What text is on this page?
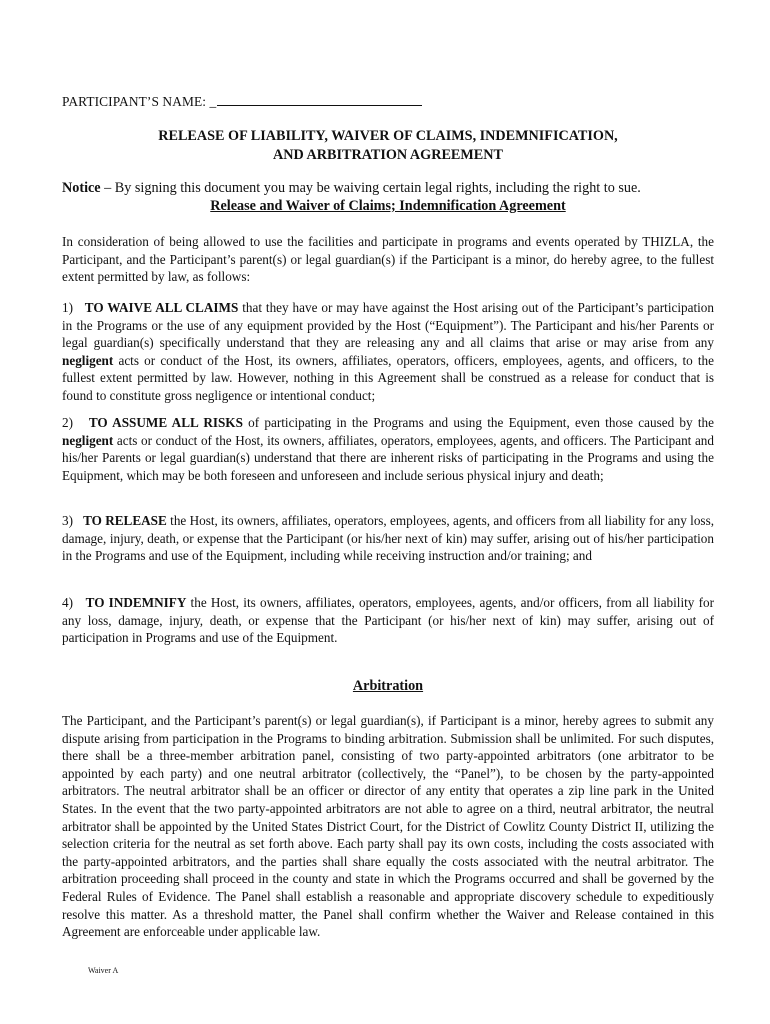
PARTICIPANT’S NAME: _
RELEASE OF LIABILITY, WAIVER OF CLAIMS, INDEMNIFICATION,
AND ARBITRATION AGREEMENT
Notice – By signing this document you may be waiving certain legal rights, including the right to sue.
Release and Waiver of Claims; Indemnification Agreement
In consideration of being allowed to use the facilities and participate in programs and events operated by THIZLA, the Participant, and the Participant’s parent(s) or legal guardian(s) if the Participant is a minor, do hereby agree, to the fullest extent permitted by law, as follows:
1) TO WAIVE ALL CLAIMS that they have or may have against the Host arising out of the Participant’s participation in the Programs or the use of any equipment provided by the Host (“Equipment”). The Participant and his/her Parents or legal guardian(s) specifically understand that they are releasing any and all claims that arise or may arise from any negligent acts or conduct of the Host, its owners, affiliates, operators, officers, employees, agents, and officers, to the fullest extent permitted by law. However, nothing in this Agreement shall be construed as a release for conduct that is found to constitute gross negligence or intentional conduct;
2) TO ASSUME ALL RISKS of participating in the Programs and using the Equipment, even those caused by the negligent acts or conduct of the Host, its owners, affiliates, operators, employees, agents, and officers. The Participant and his/her Parents or legal guardian(s) understand that there are inherent risks of participating in the Programs and using the Equipment, which may be both foreseen and unforeseen and include serious physical injury and death;
3) TO RELEASE the Host, its owners, affiliates, operators, employees, agents, and officers from all liability for any loss, damage, injury, death, or expense that the Participant (or his/her next of kin) may suffer, arising out of his/her participation in the Programs and use of the Equipment, including while receiving instruction and/or training; and
4) TO INDEMNIFY the Host, its owners, affiliates, operators, employees, agents, and/or officers, from all liability for any loss, damage, injury, death, or expense that the Participant (or his/her next of kin) may suffer, arising out of participation in Programs and use of the Equipment.
Arbitration
The Participant, and the Participant’s parent(s) or legal guardian(s), if Participant is a minor, hereby agrees to submit any dispute arising from participation in the Programs to binding arbitration. Submission shall be unlimited. For such disputes, there shall be a three-member arbitration panel, consisting of two party-appointed arbitrators (one arbitrator to be appointed by each party) and one neutral arbitrator (collectively, the “Panel”), to be chosen by the party-appointed arbitrators. The neutral arbitrator shall be an officer or director of any entity that operates a zip line park in the United States. In the event that the two party-appointed arbitrators are not able to agree on a third, neutral arbitrator, the neutral arbitrator shall be appointed by the United States District Court, for the District of Cowlitz County District II, utilizing the selection criteria for the neutral as set forth above. Each party shall pay its own costs, including the costs associated with the party-appointed arbitrators, and the parties shall share equally the costs associated with the neutral arbitrator. The arbitration proceeding shall proceed in the county and state in which the Programs occurred and shall be governed by the Federal Rules of Evidence. The Panel shall establish a reasonable and appropriate discovery schedule to expeditiously resolve this matter. As a threshold matter, the Panel shall confirm whether the Waiver and Release contained in this Agreement are enforceable under applicable law.
Waiver A
